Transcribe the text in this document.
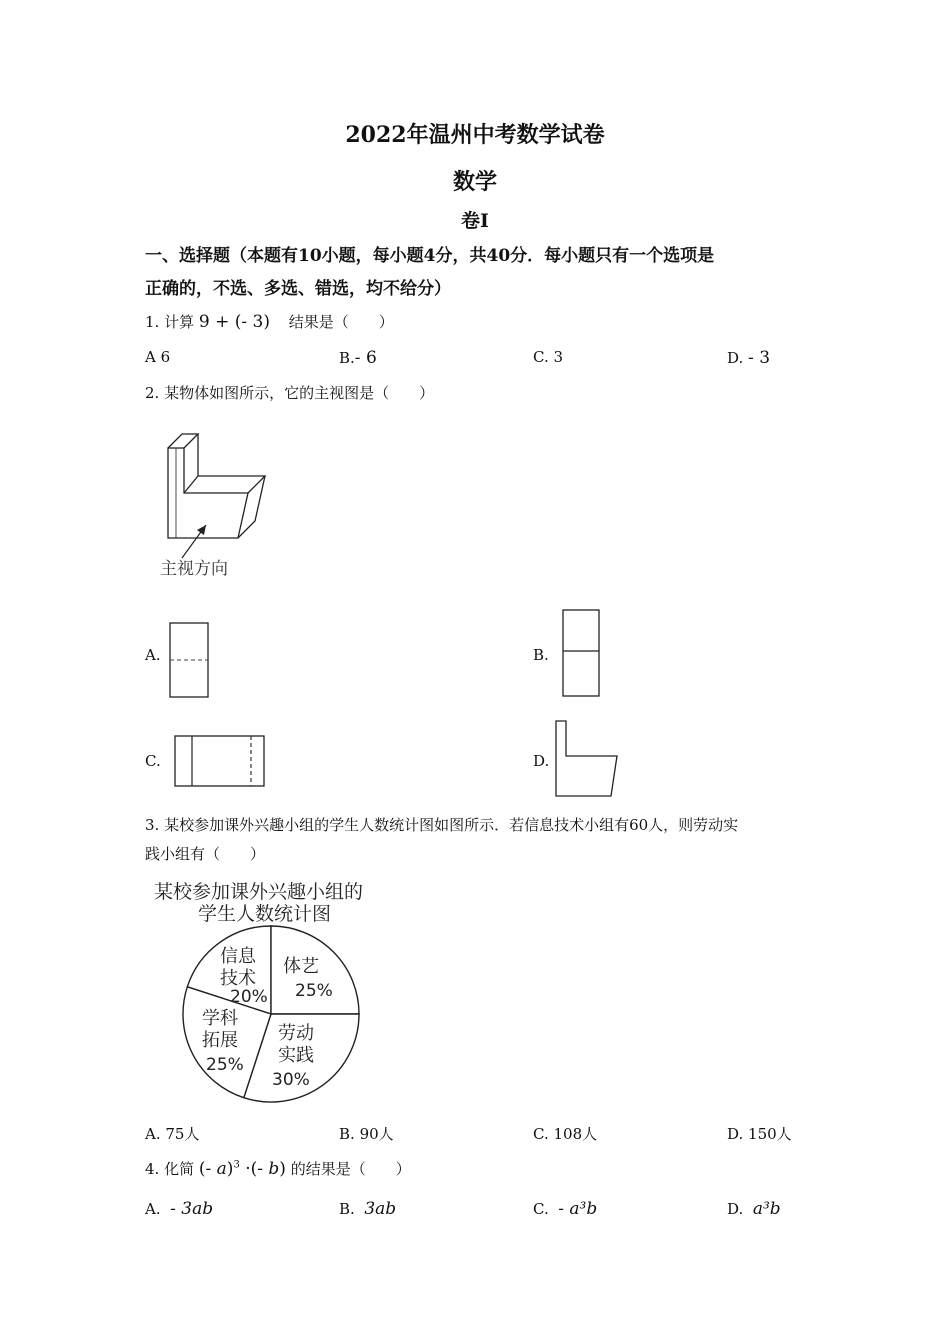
2022年温州中考数学试卷
数学
卷Ⅰ
一、选择题（本题有10小题，每小题4分，共40分．每小题只有一个选项是
正确的，不选、多选、错选，均不给分）
1. 计算 9 + (- 3) 结果是（　　）
A 6	B.- 6	C. 3	D. - 3
2. 某物体如图所示，它的主视图是（　　）
主视方向
A.	B.
C.	D.
3. 某校参加课外兴趣小组的学生人数统计图如图所示．若信息技术小组有60人，则劳动实
践小组有（　　）
某校参加课外兴趣小组的
学生人数统计图
信息
技术
20%
体艺
25%
劳动
实践
30%
学科
拓展
25%
A. 75人	B. 90人	C. 108人	D. 150人
4. 化简 (- a)$^3$ ·(- b) 的结果是（　　）
A. - 3ab	B. 3ab	C. - a³b	D. a³b
